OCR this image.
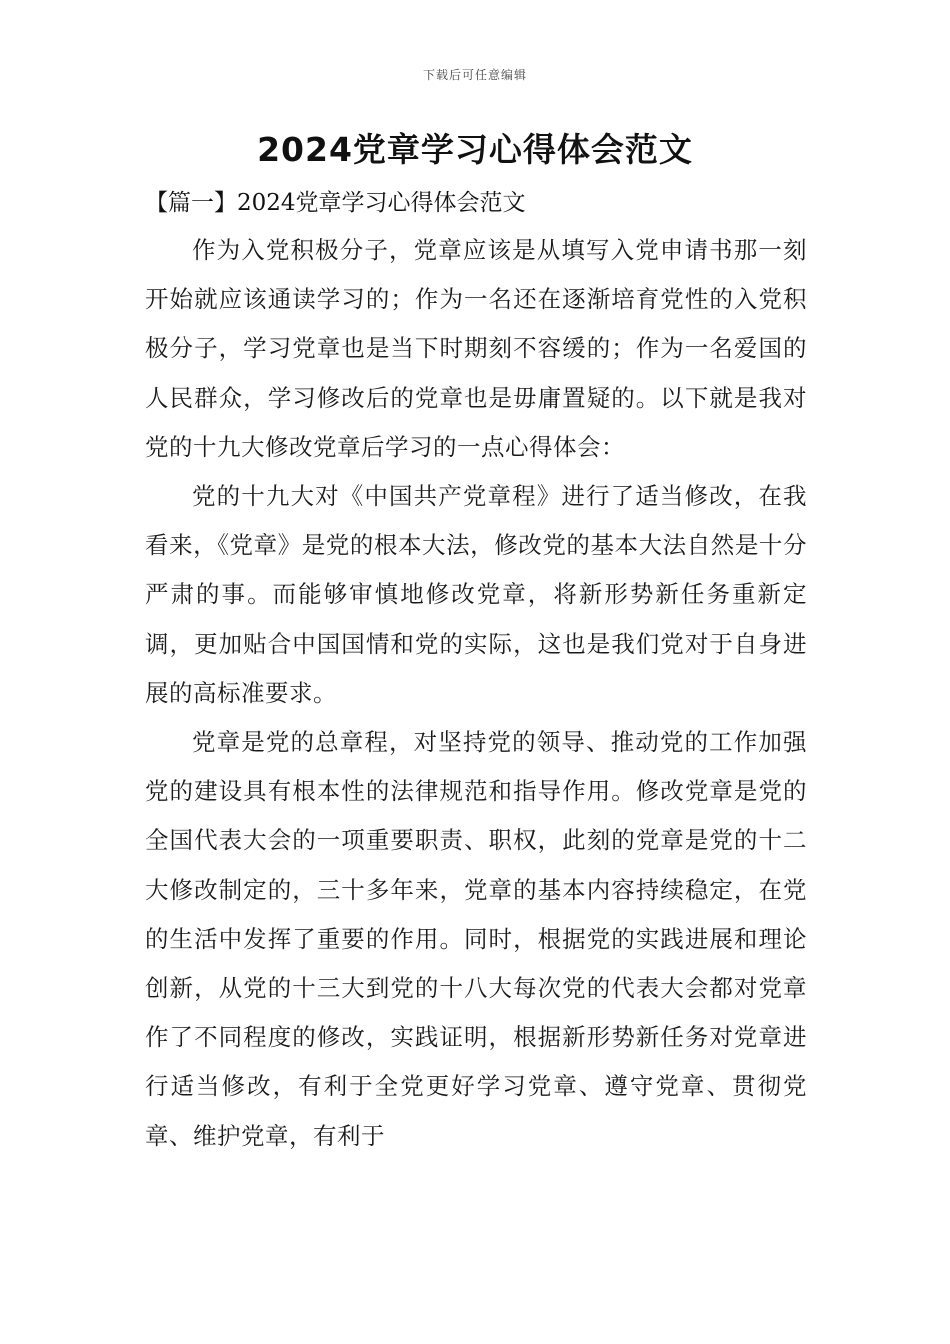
下载后可任意编辑
2024党章学习心得体会范文
【篇一】2024党章学习心得体会范文

作为入党积极分子，党章应该是从填写入党申请书那一刻开始就应该通读学习的；作为一名还在逐渐培育党性的入党积极分子，学习党章也是当下时期刻不容缓的；作为一名爱国的人民群众，学习修改后的党章也是毋庸置疑的。以下就是我对党的十九大修改党章后学习的一点心得体会：

党的十九大对《中国共产党章程》进行了适当修改，在我看来，《党章》是党的根本大法，修改党的基本大法自然是十分严肃的事。而能够审慎地修改党章，将新形势新任务重新定调，更加贴合中国国情和党的实际，这也是我们党对于自身进展的高标准要求。

党章是党的总章程，对坚持党的领导、推动党的工作加强党的建设具有根本性的法律规范和指导作用。修改党章是党的全国代表大会的一项重要职责、职权，此刻的党章是党的十二大修改制定的，三十多年来，党章的基本内容持续稳定，在党的生活中发挥了重要的作用。同时，根据党的实践进展和理论创新，从党的十三大到党的十八大每次党的代表大会都对党章作了不同程度的修改，实践证明，根据新形势新任务对党章进行适当修改，有利于全党更好学习党章、遵守党章、贯彻党章、维护党章，有利于
